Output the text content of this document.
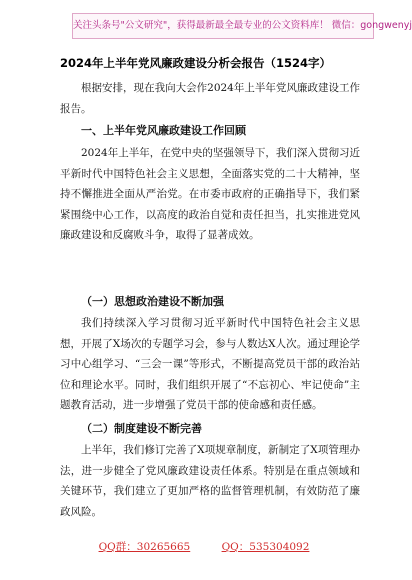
关注头条号"公文研究"，获得最新最全最专业的公文资料库！ 微信：gongwenyj
2024年上半年党风廉政建设分析会报告（1524字）

根据安排，现在我向大会作2024年上半年党风廉政建设工作报告。

一、上半年党风廉政建设工作回顾

2024年上半年，在党中央的坚强领导下，我们深入贯彻习近平新时代中国特色社会主义思想，全面落实党的二十大精神，坚持不懈推进全面从严治党。在市委市政府的正确指导下，我们紧紧围绕中心工作，以高度的政治自觉和责任担当，扎实推进党风廉政建设和反腐败斗争，取得了显著成效。

（一）思想政治建设不断加强

我们持续深入学习贯彻习近平新时代中国特色社会主义思想，开展了X场次的专题学习会，参与人数达X人次。通过理论学习中心组学习、“三会一课”等形式，不断提高党员干部的政治站位和理论水平。同时，我们组织开展了“不忘初心、牢记使命”主题教育活动，进一步增强了党员干部的使命感和责任感。

（二）制度建设不断完善

上半年，我们修订完善了X项规章制度，新制定了X项管理办法，进一步健全了党风廉政建设责任体系。特别是在重点领域和关键环节，我们建立了更加严格的监督管理机制，有效防范了廉政风险。

QQ群：30265665	QQ：535304092
